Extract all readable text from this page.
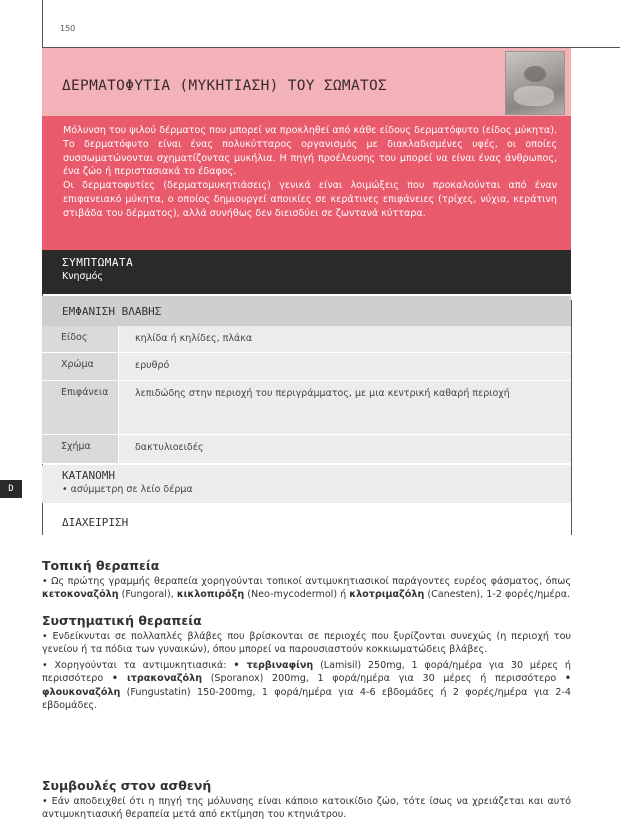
150
ΔΕΡΜΑΤΟΦΥΤΙΑ (ΜΥΚΗΤΙΑΣΗ) ΤΟΥ ΣΩΜΑΤΟΣ

Μόλυνση του ψιλού δέρματος που μπορεί να προκληθεί από κάθε είδους δερματόφυτο (είδος μύκητα). Το δερματόφυτο είναι ένας πολυκύτταρος οργανισμός με διακλαδισμένες υφές, οι οποίες συσσωματώνονται σχηματίζοντας μυκήλια. Η πηγή προέλευσης του μπορεί να είναι ένας άνθρωπος, ένα ζώο ή περιστασιακά το έδαφος.

Οι δερματοφυτίες (δερματομυκητιάσεις) γενικά είναι λοιμώξεις που προκαλούνται από έναν επιφανειακό μύκητα, ο οποίος δημιουργεί αποικίες σε κεράτινες επιφάνειες (τρίχες, νύχια, κεράτινη στιβάδα του δέρματος), αλλά συνήθως δεν διεισδύει σε ζωντανά κύτταρα.

ΣΥΜΠΤΩΜΑΤΑ
Κνησμός
ΕΜΦΑΝΙΣΗ ΒΛΑΒΗΣ
Είδος	κηλίδα ή κηλίδες, πλάκα
Χρώμα	ερυθρό
Επιφάνεια	λεπιδώδης στην περιοχή του περιγράμματος, με μια κεντρική καθαρή περιοχή
Σχήμα	δακτυλιοειδές
ΚΑΤΑΝΟΜΗ
• ασύμμετρη σε λείο δέρμα
D
ΔΙΑΧΕΙΡΙΣΗ
Τοπική θεραπεία

• Ως πρώτης γραμμής θεραπεία χορηγούνται τοπικοί αντιμυκητιασικοί παράγοντες ευρέος φάσματος, όπως κετοκοναζόλη (Fungoral), κικλοπιρόξη (Neo-mycodermol) ή κλοτριμαζόλη (Canesten), 1-2 φορές/ημέρα.

Συστηματική θεραπεία

• Ενδείκνυται σε πολλαπλές βλάβες που βρίσκονται σε περιοχές που ξυρίζονται συνεχώς (η περιοχή του γενείου ή τα πόδια των γυναικών), όπου μπορεί να παρουσιαστούν κοκκιωματώδεις βλάβες.

• Χορηγούνται τα αντιμυκητιασικά: • τερβιναφίνη (Lamisil) 250mg, 1 φορά/ημέρα για 30 μέρες ή περισσότερο • ιτρακοναζόλη (Sporanox) 200mg, 1 φορά/ημέρα για 30 μέρες ή περισσότερο • φλουκοναζόλη (Fungustatin) 150-200mg, 1 φορά/ημέρα για 4-6 εβδομάδες ή 2 φορές/ημέρα για 2-4 εβδομάδες.

Συμβουλές στον ασθενή

• Εάν αποδειχθεί ότι η πηγή της μόλυνσης είναι κάποιο κατοικίδιο ζώο, τότε ίσως να χρειάζεται και αυτό αντιμυκητιασική θεραπεία μετά από εκτίμηση του κτηνιάτρου.
